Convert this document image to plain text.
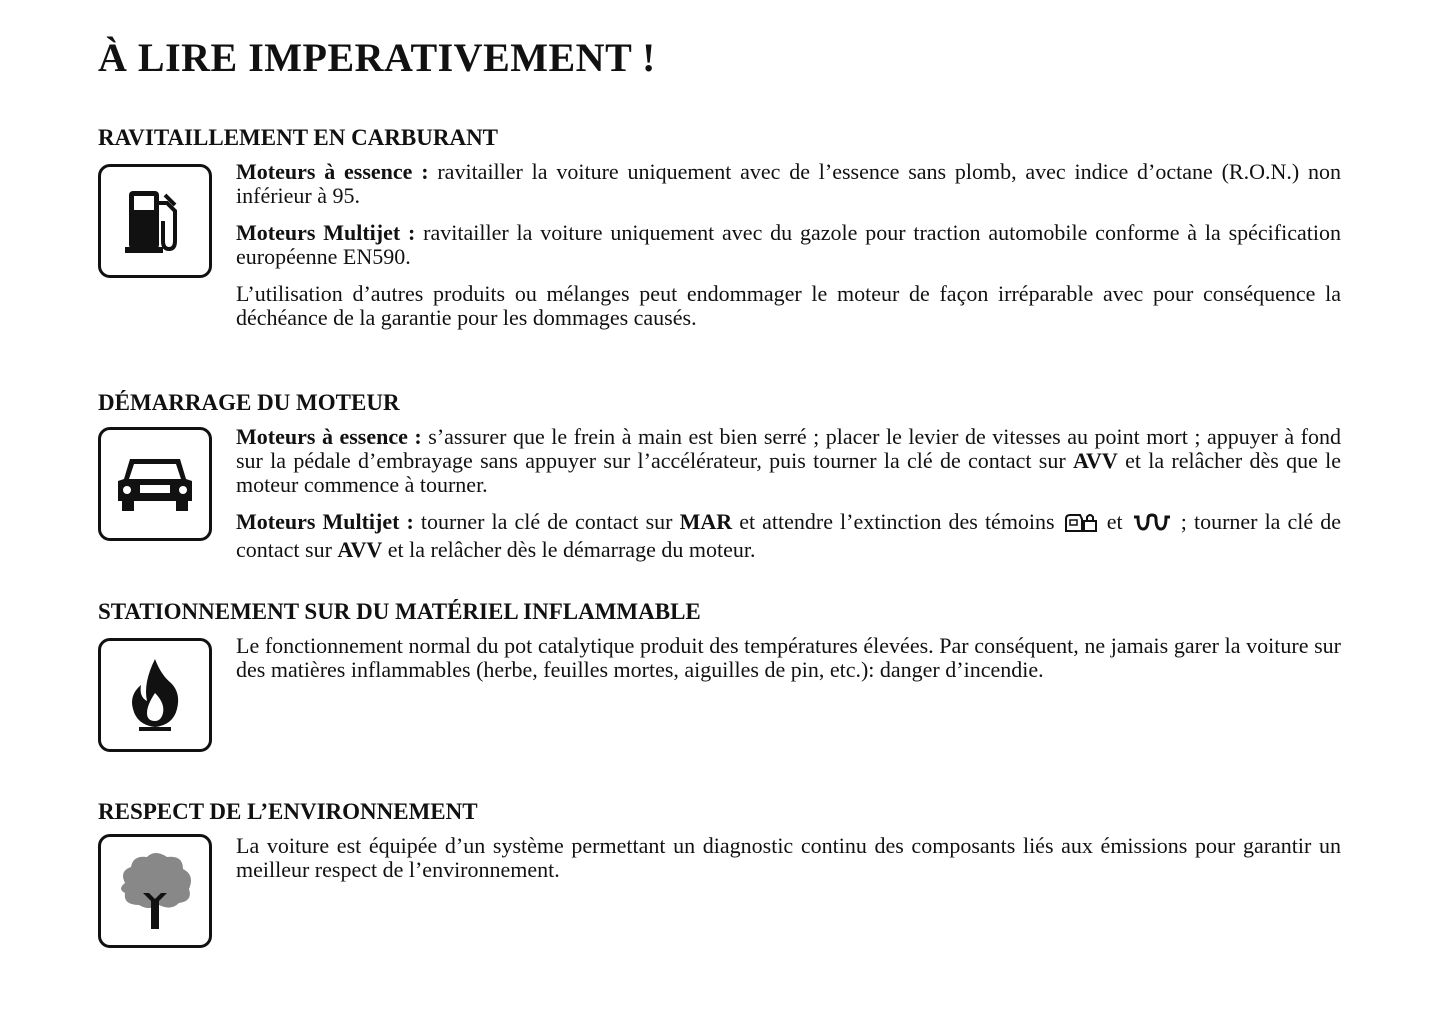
À LIRE IMPERATIVEMENT !
RAVITAILLEMENT EN CARBURANT

Moteurs à essence : ravitailler la voiture uniquement avec de l’essence sans plomb, avec indice d’octane (R.O.N.) non inférieur à 95.

Moteurs Multijet : ravitailler la voiture uniquement avec du gazole pour traction automobile conforme à la spécification européenne EN590.

L’utilisation d’autres produits ou mélanges peut endommager le moteur de façon irréparable avec pour conséquence la déchéance de la garantie pour les dommages causés.

DÉMARRAGE DU MOTEUR

Moteurs à essence : s’assurer que le frein à main est bien serré ; placer le levier de vitesses au point mort ; appuyer à fond sur la pédale d’embrayage sans appuyer sur l’accélérateur, puis tourner la clé de contact sur AVV et la relâcher dès que le moteur commence à tourner.

Moteurs Multijet : tourner la clé de contact sur MAR et attendre l’extinction des témoins  et  ; tourner la clé de contact sur AVV et la relâcher dès le démarrage du moteur.

STATIONNEMENT SUR DU MATÉRIEL INFLAMMABLE

Le fonctionnement normal du pot catalytique produit des températures élevées. Par conséquent, ne jamais garer la voiture sur des matières inflammables (herbe, feuilles mortes, aiguilles de pin, etc.): danger d’incendie.

RESPECT DE L’ENVIRONNEMENT

La voiture est équipée d’un système permettant un diagnostic continu des composants liés aux émissions pour garantir un meilleur respect de l’environnement.
